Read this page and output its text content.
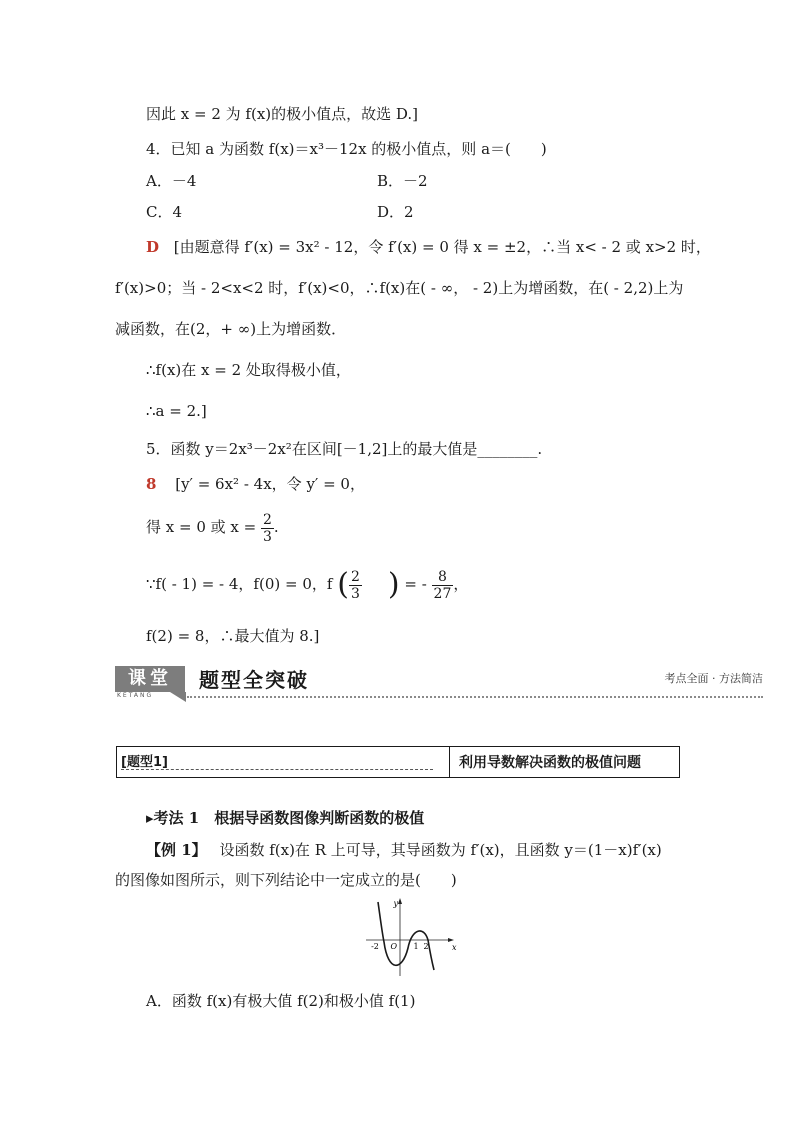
因此 x = 2 为 f(x)的极小值点，故选 D.]
4．已知 a 为函数 f(x)＝x³－12x 的极小值点，则 a＝(　　)
A．－4	B．－2
C．4	D．2
D [由题意得 f′(x) = 3x² - 12，令 f′(x) = 0 得 x = ±2，∴当 x< - 2 或 x>2 时，
f′(x)>0；当 - 2<x<2 时，f′(x)<0，∴f(x)在( - ∞， - 2)上为增函数，在( - 2,2)上为
减函数，在(2，+ ∞)上为增函数．
∴f(x)在 x = 2 处取得极小值，
∴a = 2.]
5．函数 y＝2x³－2x²在区间[－1,2]上的最大值是________.
8 [y′ = 6x² - 4x，令 y′ = 0，
得 x = 0 或 $x = \frac{2}{3}$ .
∵f( - 1) = - 4，f(0) = 0，f ( $\frac{2}{3}$ ) = - $\frac{8}{27}$ ，
f(2) = 8，∴最大值为 8.]
课堂
KETANG
题型全突破	考点全面 · 方法简洁
[题型1]	利用导数解决函数的极值问题
▸考法 1　根据导函数图像判断函数的极值
【例 1】 设函数 f(x)在 R 上可导，其导函数为 f′(x)，且函数 y＝(1－x)f′(x)
的图像如图所示，则下列结论中一定成立的是(　　)
y
x
O
-2	1 2
A．函数 f(x)有极大值 f(2)和极小值 f(1)
